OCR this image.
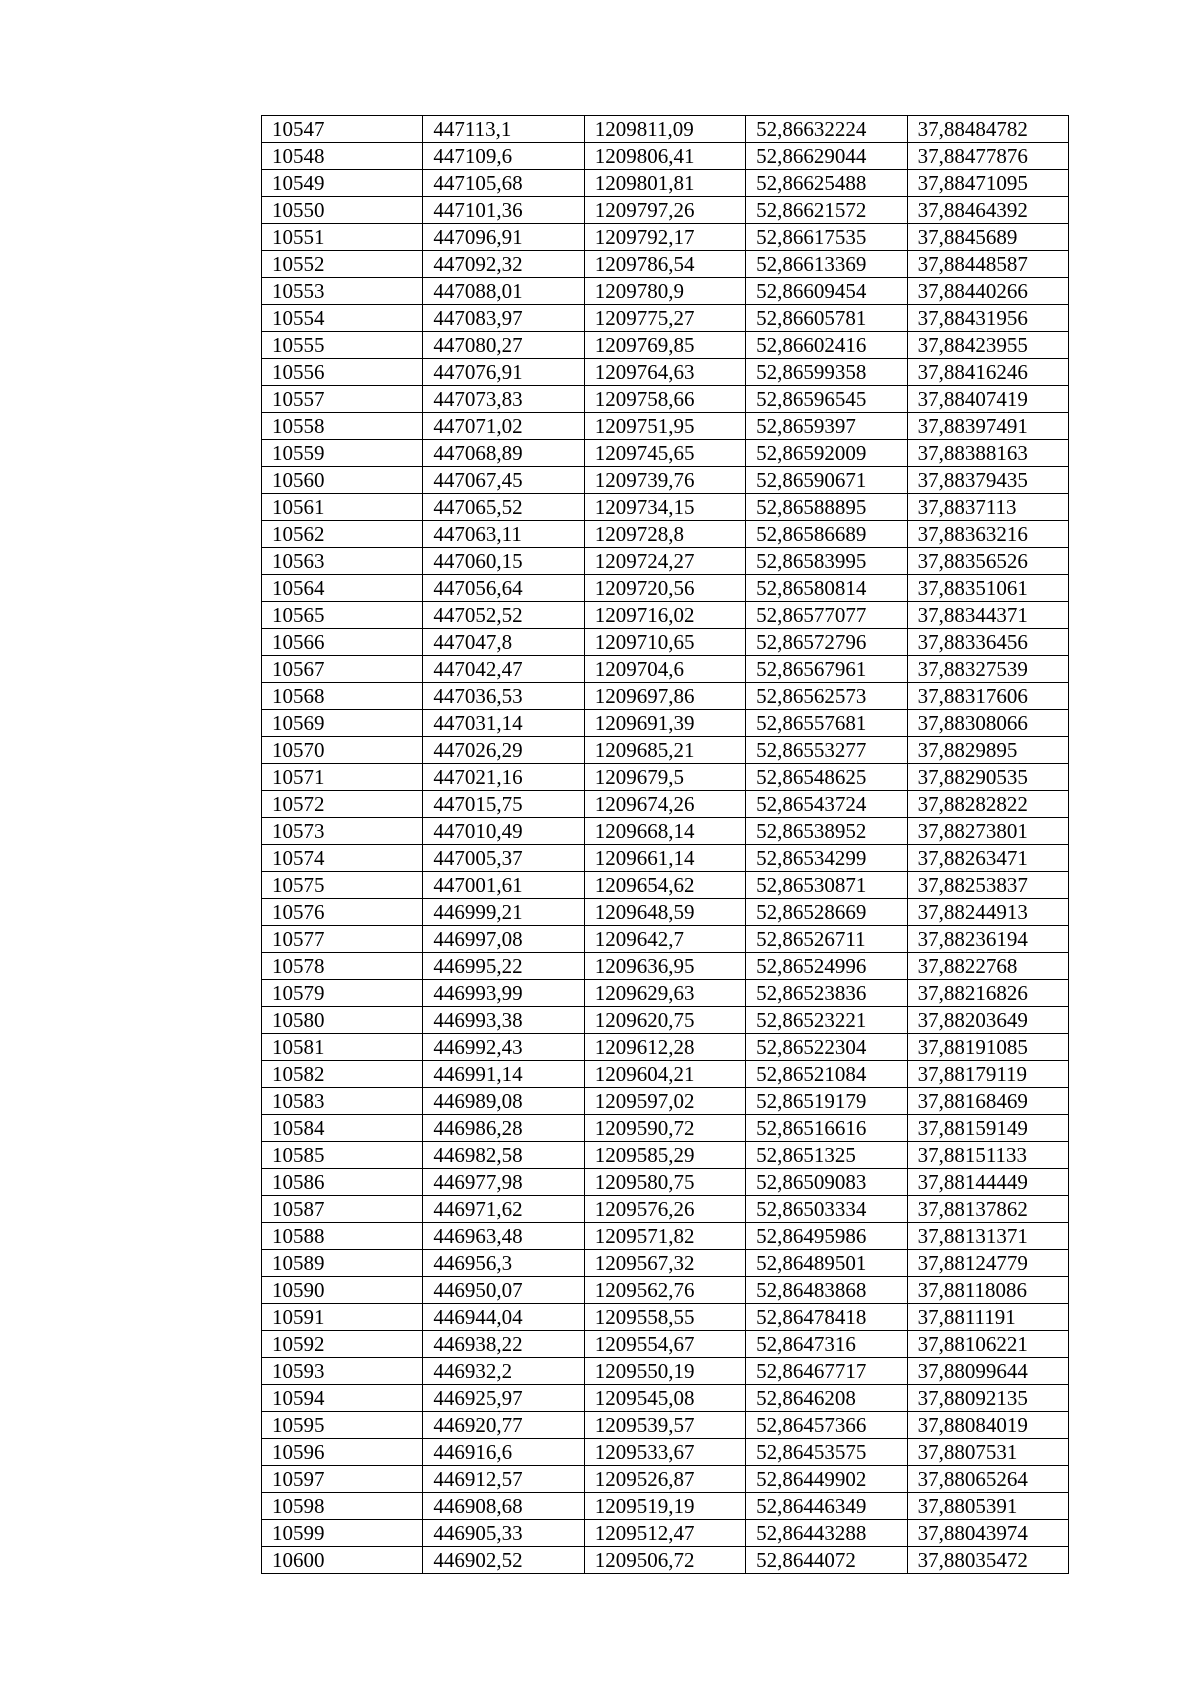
10547	447113,1	1209811,09	52,86632224	37,88484782
10548	447109,6	1209806,41	52,86629044	37,88477876
10549	447105,68	1209801,81	52,86625488	37,88471095
10550	447101,36	1209797,26	52,86621572	37,88464392
10551	447096,91	1209792,17	52,86617535	37,8845689
10552	447092,32	1209786,54	52,86613369	37,88448587
10553	447088,01	1209780,9	52,86609454	37,88440266
10554	447083,97	1209775,27	52,86605781	37,88431956
10555	447080,27	1209769,85	52,86602416	37,88423955
10556	447076,91	1209764,63	52,86599358	37,88416246
10557	447073,83	1209758,66	52,86596545	37,88407419
10558	447071,02	1209751,95	52,8659397	37,88397491
10559	447068,89	1209745,65	52,86592009	37,88388163
10560	447067,45	1209739,76	52,86590671	37,88379435
10561	447065,52	1209734,15	52,86588895	37,8837113
10562	447063,11	1209728,8	52,86586689	37,88363216
10563	447060,15	1209724,27	52,86583995	37,88356526
10564	447056,64	1209720,56	52,86580814	37,88351061
10565	447052,52	1209716,02	52,86577077	37,88344371
10566	447047,8	1209710,65	52,86572796	37,88336456
10567	447042,47	1209704,6	52,86567961	37,88327539
10568	447036,53	1209697,86	52,86562573	37,88317606
10569	447031,14	1209691,39	52,86557681	37,88308066
10570	447026,29	1209685,21	52,86553277	37,8829895
10571	447021,16	1209679,5	52,86548625	37,88290535
10572	447015,75	1209674,26	52,86543724	37,88282822
10573	447010,49	1209668,14	52,86538952	37,88273801
10574	447005,37	1209661,14	52,86534299	37,88263471
10575	447001,61	1209654,62	52,86530871	37,88253837
10576	446999,21	1209648,59	52,86528669	37,88244913
10577	446997,08	1209642,7	52,86526711	37,88236194
10578	446995,22	1209636,95	52,86524996	37,8822768
10579	446993,99	1209629,63	52,86523836	37,88216826
10580	446993,38	1209620,75	52,86523221	37,88203649
10581	446992,43	1209612,28	52,86522304	37,88191085
10582	446991,14	1209604,21	52,86521084	37,88179119
10583	446989,08	1209597,02	52,86519179	37,88168469
10584	446986,28	1209590,72	52,86516616	37,88159149
10585	446982,58	1209585,29	52,8651325	37,88151133
10586	446977,98	1209580,75	52,86509083	37,88144449
10587	446971,62	1209576,26	52,86503334	37,88137862
10588	446963,48	1209571,82	52,86495986	37,88131371
10589	446956,3	1209567,32	52,86489501	37,88124779
10590	446950,07	1209562,76	52,86483868	37,88118086
10591	446944,04	1209558,55	52,86478418	37,8811191
10592	446938,22	1209554,67	52,8647316	37,88106221
10593	446932,2	1209550,19	52,86467717	37,88099644
10594	446925,97	1209545,08	52,8646208	37,88092135
10595	446920,77	1209539,57	52,86457366	37,88084019
10596	446916,6	1209533,67	52,86453575	37,8807531
10597	446912,57	1209526,87	52,86449902	37,88065264
10598	446908,68	1209519,19	52,86446349	37,8805391
10599	446905,33	1209512,47	52,86443288	37,88043974
10600	446902,52	1209506,72	52,8644072	37,88035472
